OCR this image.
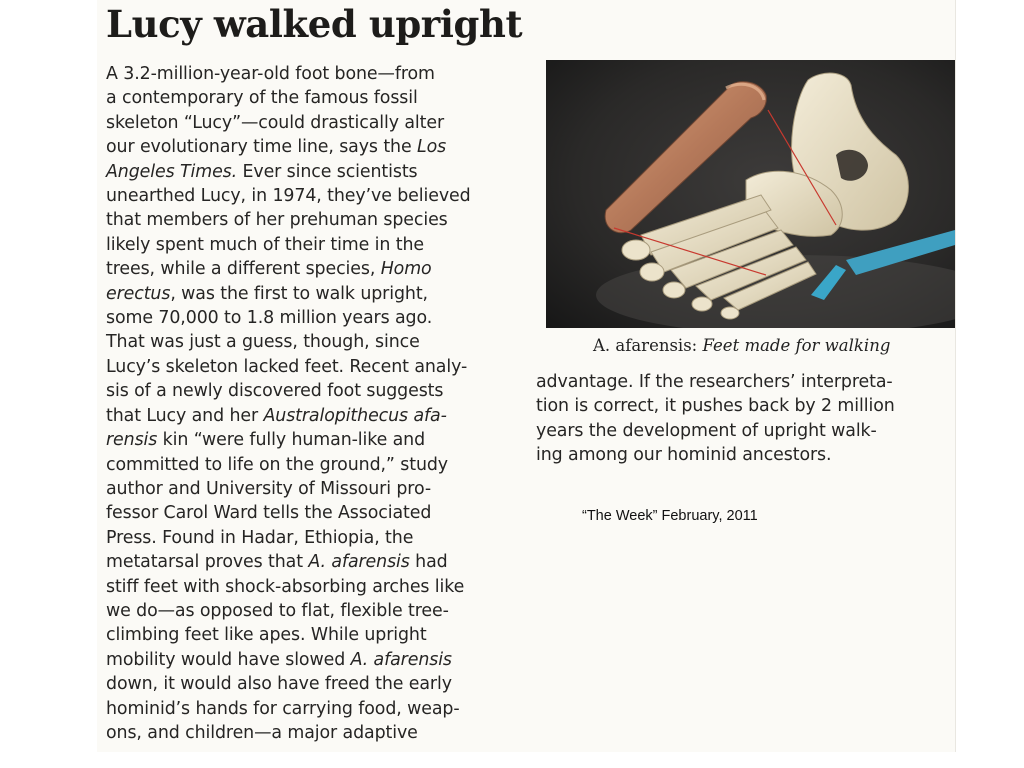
Lucy walked upright
A 3.2-million-year-old foot bone—from
a contemporary of the famous fossil
skeleton “Lucy”—could drastically alter
our evolutionary time line, says the Los
Angeles Times. Ever since scientists
unearthed Lucy, in 1974, they’ve believed
that members of her prehuman species
likely spent much of their time in the
trees, while a different species, Homo
erectus, was the first to walk upright,
some 70,000 to 1.8 million years ago.
That was just a guess, though, since
Lucy’s skeleton lacked feet. Recent analy-
sis of a newly discovered foot suggests
that Lucy and her Australopithecus afa-
rensis kin “were fully human-like and
committed to life on the ground,” study
author and University of Missouri pro-
fessor Carol Ward tells the Associated
Press. Found in Hadar, Ethiopia, the
metatarsal proves that A. afarensis had
stiff feet with shock-absorbing arches like
we do—as opposed to flat, flexible tree-
climbing feet like apes. While upright
mobility would have slowed A. afarensis
down, it would also have freed the early
hominid’s hands for carrying food, weap-
ons, and children—a major adaptive
A. afarensis: Feet made for walking
advantage. If the researchers’ interpreta-
tion is correct, it pushes back by 2 million
years the development of upright walk-
ing among our hominid ancestors.
“The Week” February, 2011
